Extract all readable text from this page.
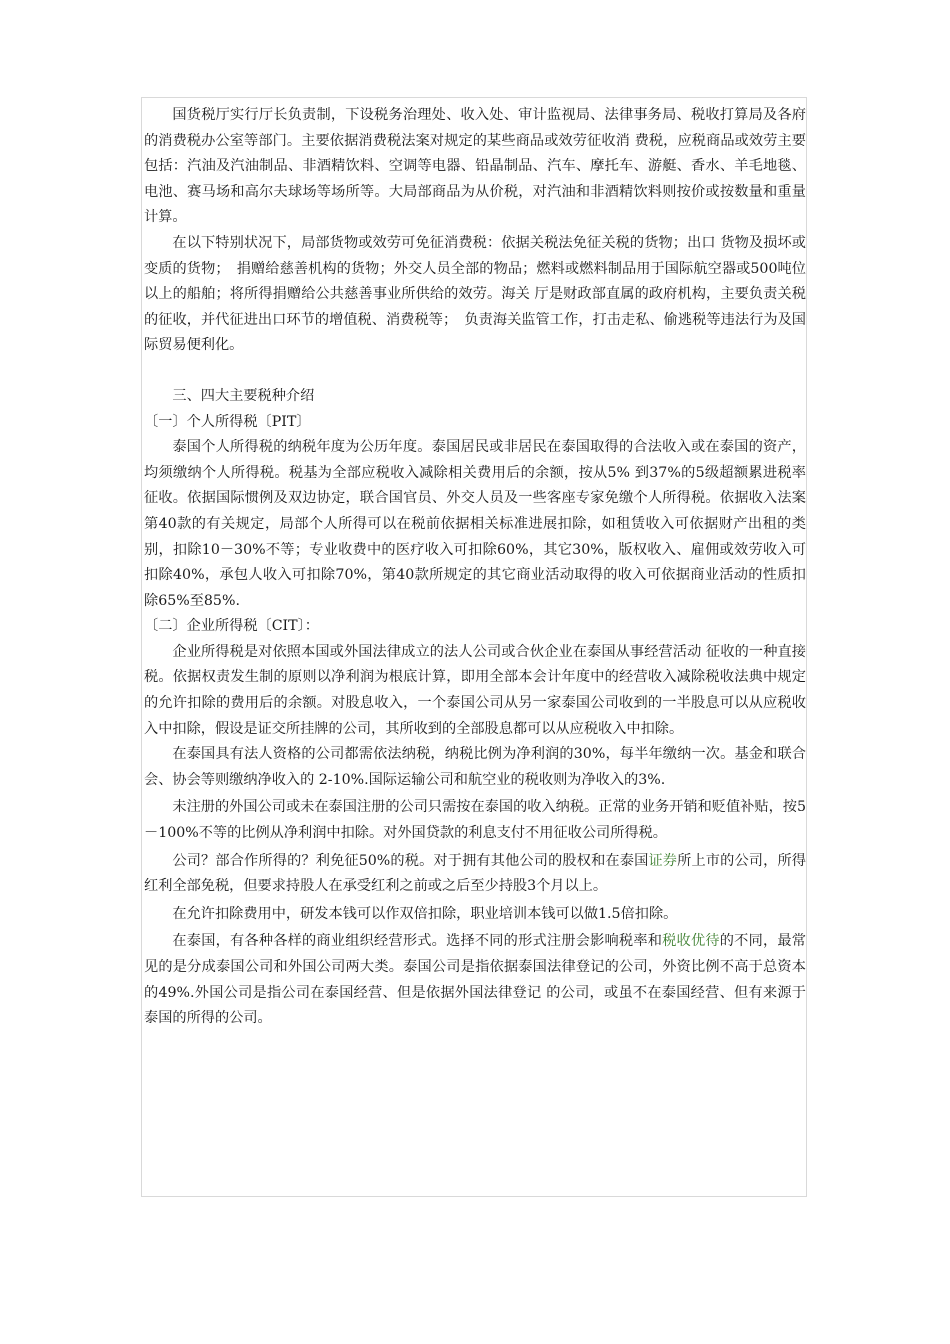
国货税厅实行厅长负责制，下设税务治理处、收入处、审计监视局、法律事务局、税收打算局及各府的消费税办公室等部门。主要依据消费税法案对规定的某些商品或效劳征收消 费税，应税商品或效劳主要包括：汽油及汽油制品、非酒精饮料、空调等电器、铅晶制品、汽车、摩托车、游艇、香水、羊毛地毯、电池、赛马场和高尔夫球场等场所等。大局部商品为从价税，对汽油和非酒精饮料则按价或按数量和重量计算。

在以下特别状况下，局部货物或效劳可免征消费税：依据关税法免征关税的货物；出口 货物及损坏或变质的货物；　捐赠给慈善机构的货物；外交人员全部的物品；燃料或燃料制品用于国际航空器或500吨位以上的船舶；将所得捐赠给公共慈善事业所供给的效劳。海关 厅是财政部直属的政府机构，主要负责关税的征收，并代征进出口环节的增值税、消费税等；　负责海关监管工作，打击走私、偷逃税等违法行为及国际贸易便利化。

三、四大主要税种介绍

〔一〕个人所得税〔PIT〕

泰国个人所得税的纳税年度为公历年度。泰国居民或非居民在泰国取得的合法收入或在泰国的资产，均须缴纳个人所得税。税基为全部应税收入减除相关费用后的余额，按从5% 到37%的5级超额累进税率征收。依据国际惯例及双边协定，联合国官员、外交人员及一些客座专家免缴个人所得税。依据收入法案第40款的有关规定，局部个人所得可以在税前依据相关标准进展扣除，如租赁收入可依据财产出租的类别，扣除10－30%不等；专业收费中的医疗收入可扣除60%，其它30%，版权收入、雇佣或效劳收入可扣除40%，承包人收入可扣除70%，第40款所规定的其它商业活动取得的收入可依据商业活动的性质扣除65%至85%.

〔二〕企业所得税〔CIT〕：

企业所得税是对依照本国或外国法律成立的法人公司或合伙企业在泰国从事经营活动 征收的一种直接税。依据权责发生制的原则以净利润为根底计算，即用全部本会计年度中的经营收入减除税收法典中规定的允许扣除的费用后的余额。对股息收入，一个泰国公司从另一家泰国公司收到的一半股息可以从应税收入中扣除，假设是证交所挂牌的公司，其所收到的全部股息都可以从应税收入中扣除。

在泰国具有法人资格的公司都需依法纳税，纳税比例为净利润的30%，每半年缴纳一次。基金和联合会、协会等则缴纳净收入的 2-10%.国际运输公司和航空业的税收则为净收入的3%.

未注册的外国公司或未在泰国注册的公司只需按在泰国的收入纳税。正常的业务开销和贬值补贴，按5－100%不等的比例从净利润中扣除。对外国贷款的利息支付不用征收公司所得税。

公司？部合作所得的？利免征50%的税。对于拥有其他公司的股权和在泰国证券所上市的公司，所得红利全部免税，但要求持股人在承受红利之前或之后至少持股3个月以上。

在允许扣除费用中，研发本钱可以作双倍扣除，职业培训本钱可以做1.5倍扣除。

在泰国，有各种各样的商业组织经营形式。选择不同的形式注册会影响税率和税收优待的不同，最常见的是分成泰国公司和外国公司两大类。泰国公司是指依据泰国法律登记的公司，外资比例不高于总资本的49%.外国公司是指公司在泰国经营、但是依据外国法律登记 的公司，或虽不在泰国经营、但有来源于泰国的所得的公司。
